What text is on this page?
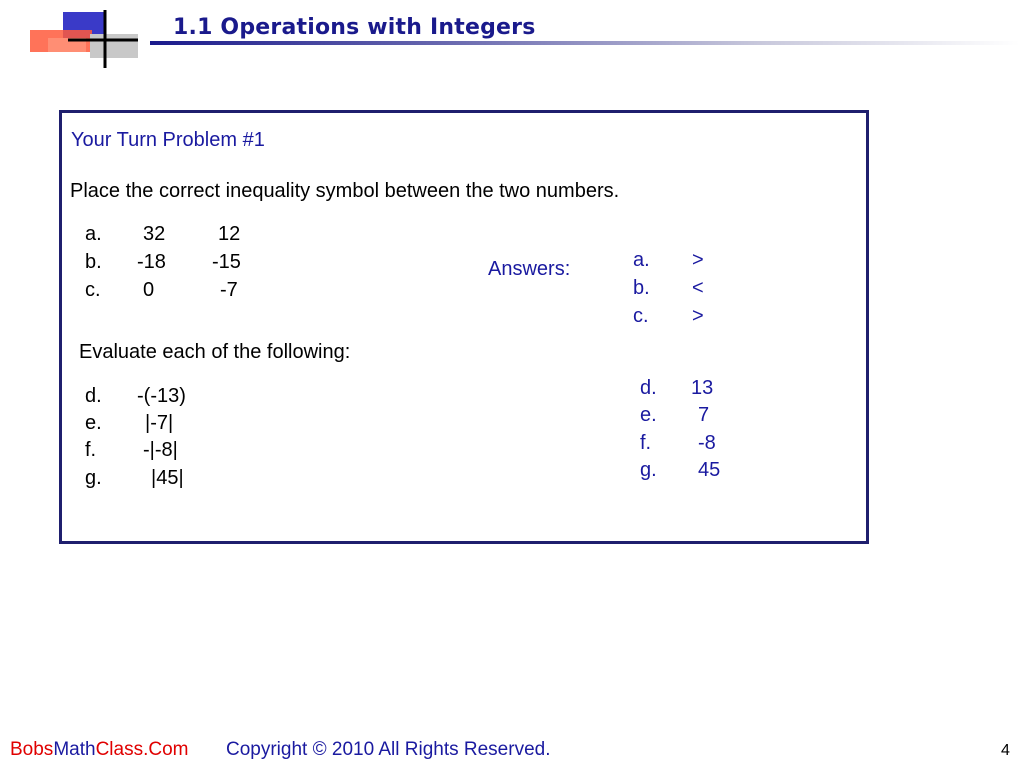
1.1 Operations with Integers
Your Turn Problem #1
Place the correct inequality symbol between the two numbers.
a. 32	12
b. -18 -15
c. 0	-7
Answers:	a. >
b. <
c. >
Evaluate each of the following:
d. -(-13)
e. |-7|
f. -|-8|
g. |45|
d. 13
e. 7
f. -8
g. 45
BobsMathClass.Com Copyright © 2010 All Rights Reserved.	4
